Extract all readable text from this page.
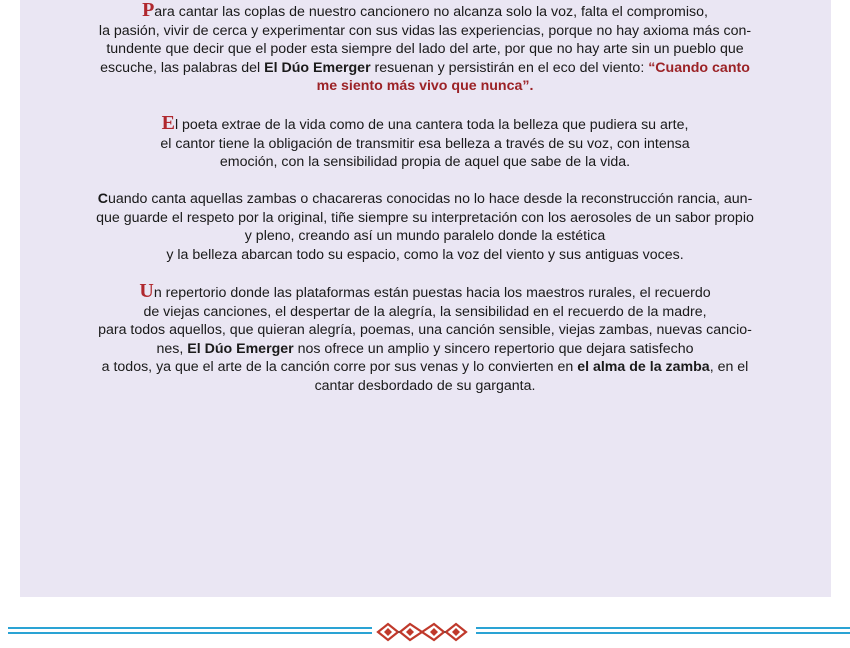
Para cantar las coplas de nuestro cancionero no alcanza solo la voz, falta el compromiso,
la pasión, vivir de cerca y experimentar con sus vidas las experiencias, porque no hay axioma más con-
tundente que decir que el poder esta siempre del lado del arte, por que no hay arte sin un pueblo que
escuche, las palabras del El Dúo Emerger resuenan y persistirán en el eco del viento: “Cuando canto
me siento más vivo que nunca”.
El poeta extrae de la vida como de una cantera toda la belleza que pudiera su arte,
el cantor tiene la obligación de transmitir esa belleza a través de su voz, con intensa
emoción, con la sensibilidad propia de aquel que sabe de la vida.
Cuando canta aquellas zambas o chacareras conocidas no lo hace desde la reconstrucción rancia, aun-
que guarde el respeto por la original, tiñe siempre su interpretación con los aerosoles de un sabor propio
y pleno, creando así un mundo paralelo donde la estética
y la belleza abarcan todo su espacio, como la voz del viento y sus antiguas voces.
Un repertorio donde las plataformas están puestas hacia los maestros rurales, el recuerdo
de viejas canciones, el despertar de la alegría, la sensibilidad en el recuerdo de la madre,
para todos aquellos, que quieran alegría, poemas, una canción sensible, viejas zambas, nuevas cancio-
nes, El Dúo Emerger nos ofrece un amplio y sincero repertorio que dejara satisfecho
a todos, ya que el arte de la canción corre por sus venas y lo convierten en el alma de la zamba, en el
cantar desbordado de su garganta.
